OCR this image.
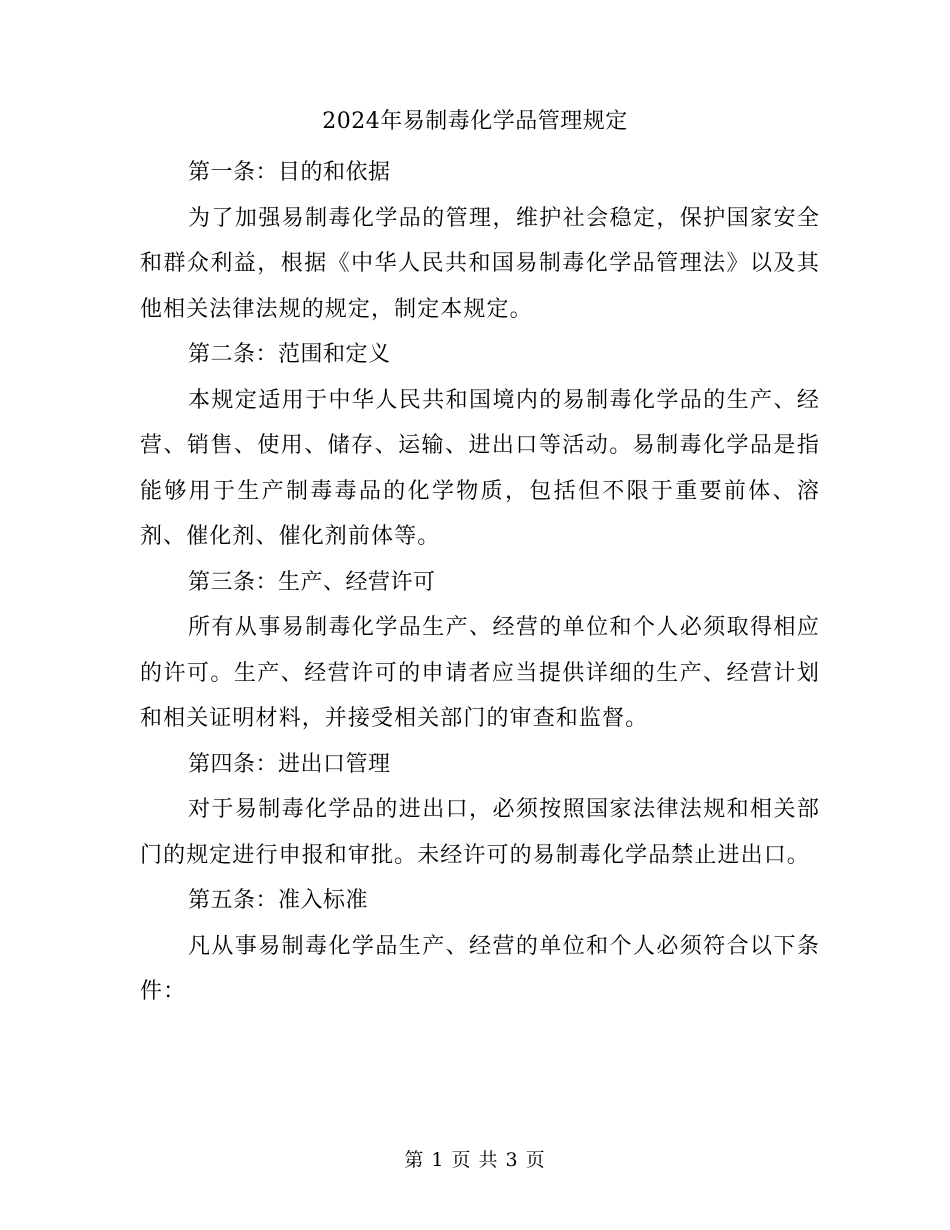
2024年易制毒化学品管理规定

第一条：目的和依据

为了加强易制毒化学品的管理，维护社会稳定，保护国家安全和群众利益，根据《中华人民共和国易制毒化学品管理法》以及其他相关法律法规的规定，制定本规定。

第二条：范围和定义

本规定适用于中华人民共和国境内的易制毒化学品的生产、经营、销售、使用、储存、运输、进出口等活动。易制毒化学品是指能够用于生产制毒毒品的化学物质，包括但不限于重要前体、溶剂、催化剂、催化剂前体等。

第三条：生产、经营许可

所有从事易制毒化学品生产、经营的单位和个人必须取得相应的许可。生产、经营许可的申请者应当提供详细的生产、经营计划和相关证明材料，并接受相关部门的审查和监督。

第四条：进出口管理

对于易制毒化学品的进出口，必须按照国家法律法规和相关部门的规定进行申报和审批。未经许可的易制毒化学品禁止进出口。

第五条：准入标准

凡从事易制毒化学品生产、经营的单位和个人必须符合以下条件：

第 1 页 共 3 页
